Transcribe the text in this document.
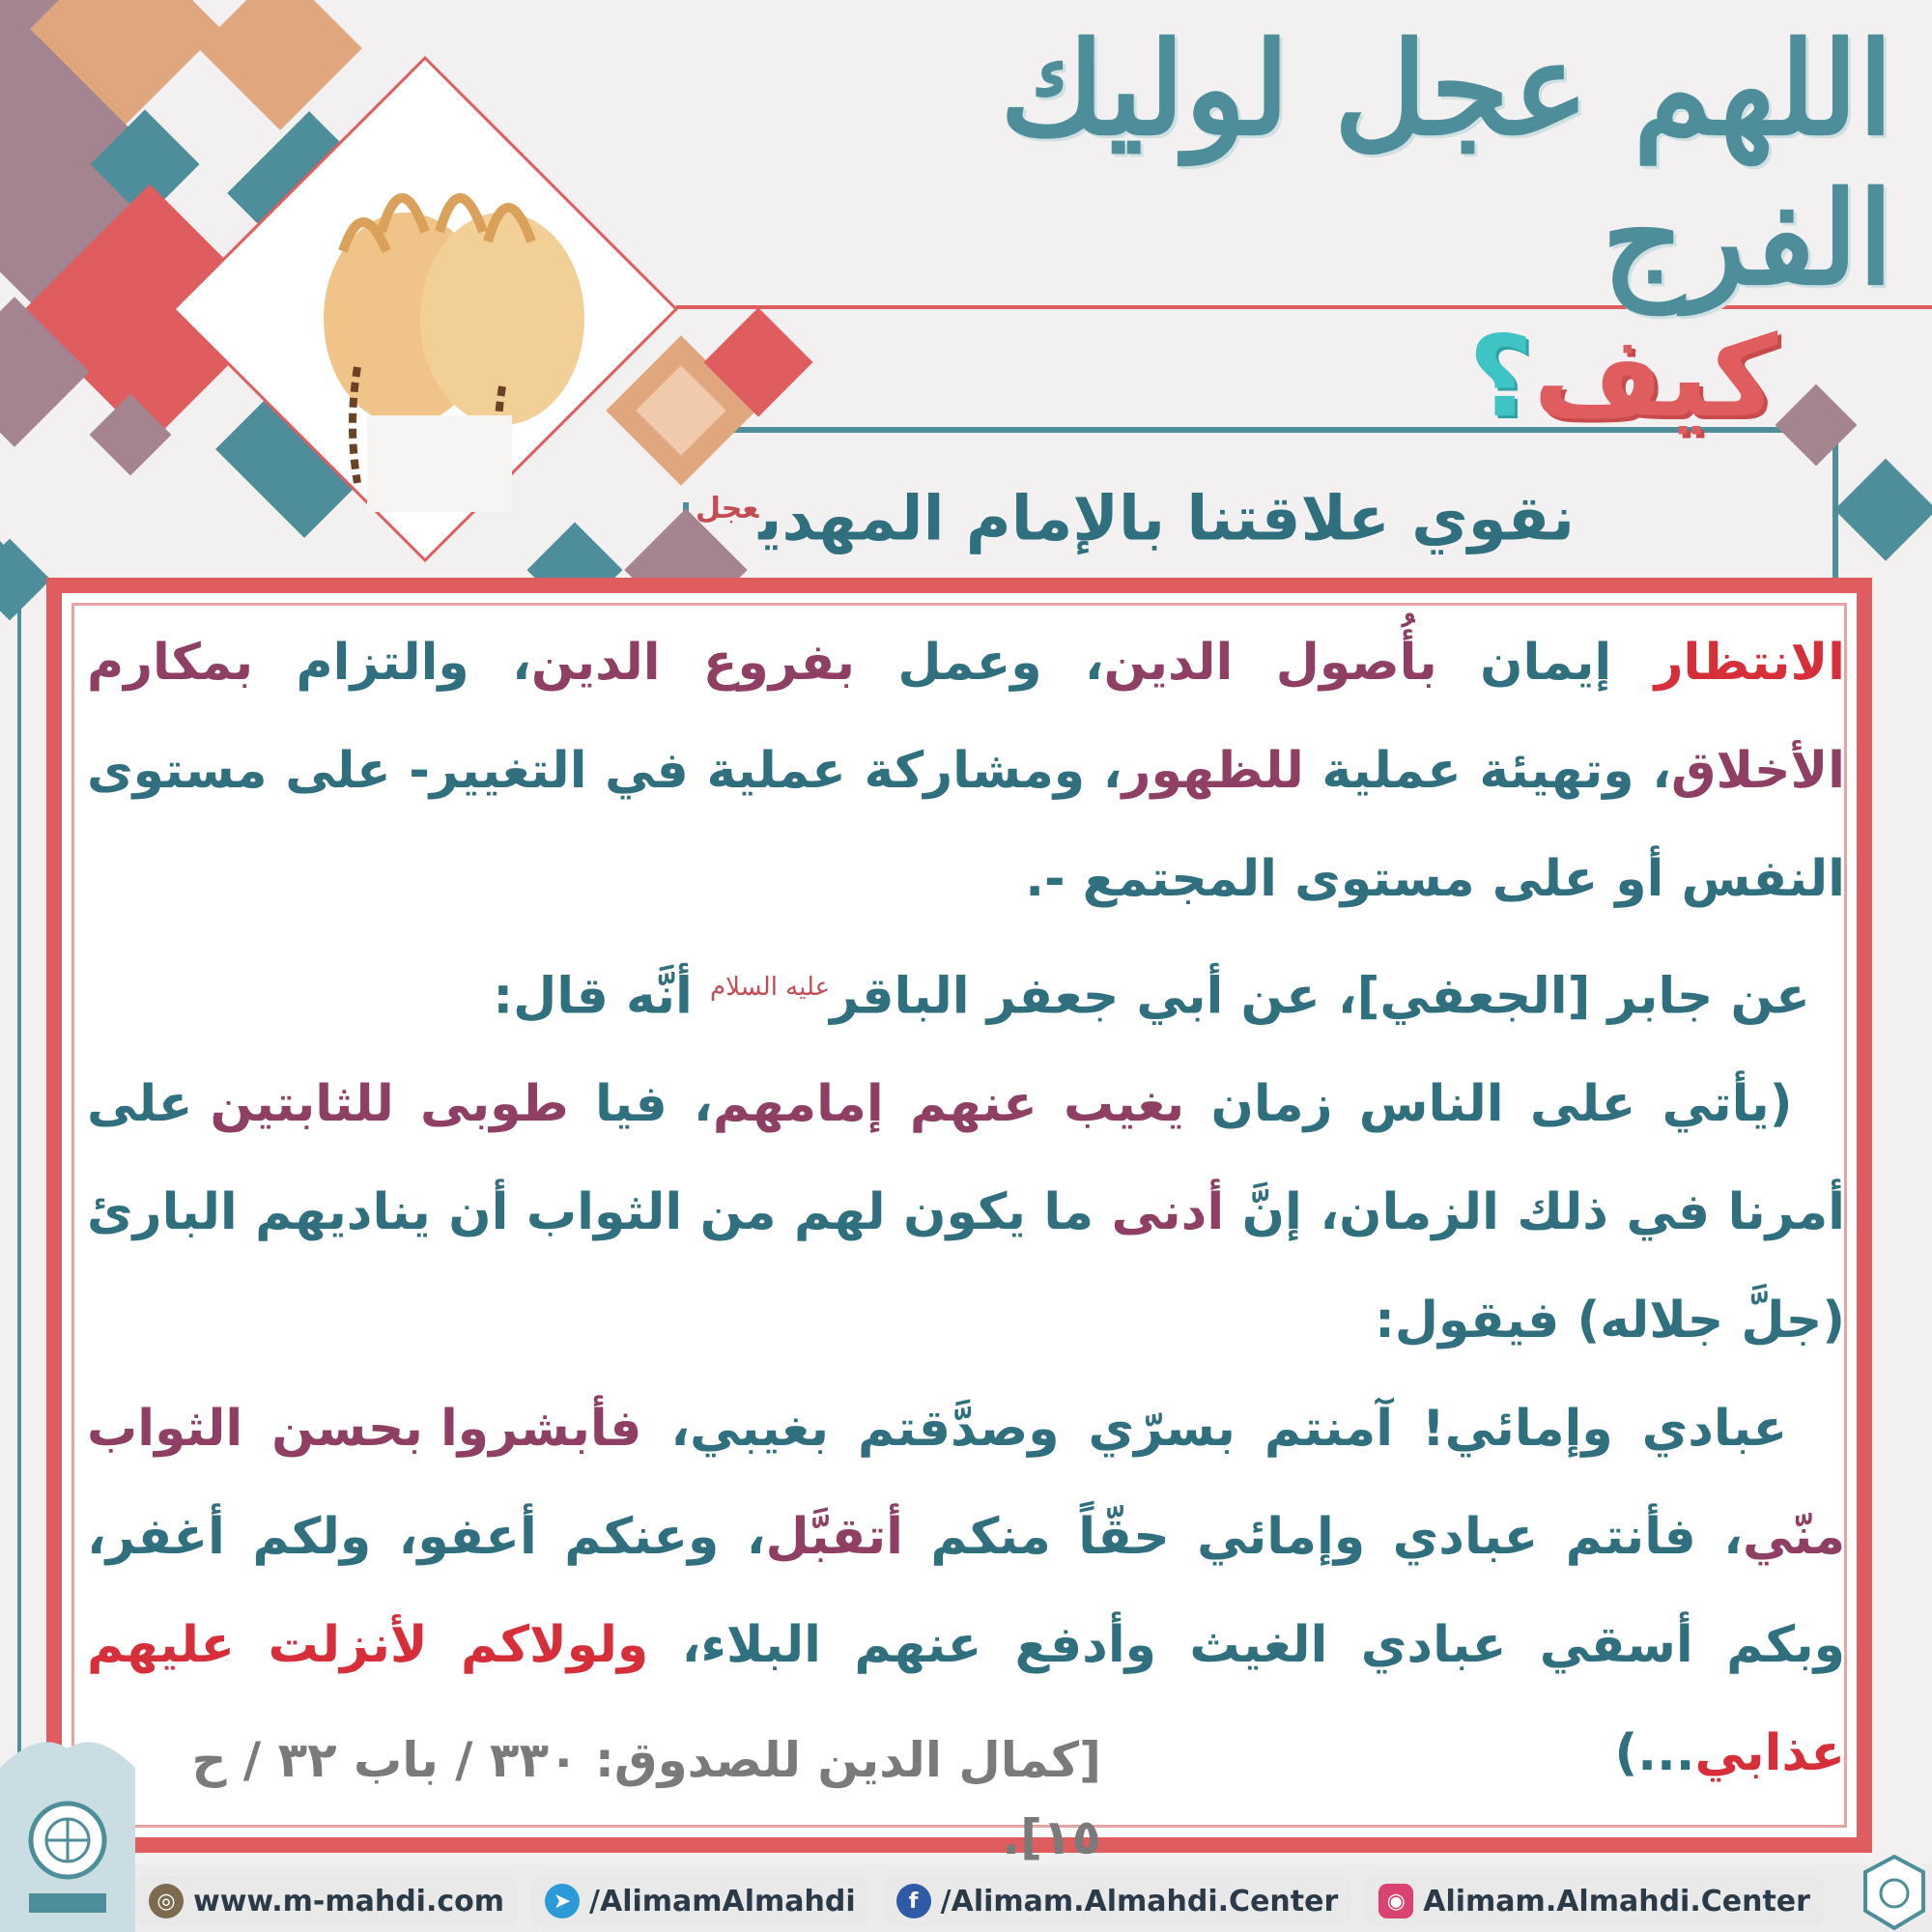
اللهم عجل لوليك الفرج
كيف
؟
نقوي علاقتنا بالإمام المهدي$^{عجل}$

الانتظار إيمان بأُصول الدين، وعمل بفروع الدين، والتزام بمكارم الأخلاق، وتهيئة عملية للظهور، ومشاركة عملية في التغيير- على مستوى النفس أو على مستوى المجتمع -.

عن جابر [الجعفي]، عن أبي جعفر الباقر$^{عليه السلام}$ أنَّه قال:

(يأتي على الناس زمان يغيب عنهم إمامهم، فيا طوبى للثابتين على أمرنا في ذلك الزمان، إنَّ أدنى ما يكون لهم من الثواب أن يناديهم البارئ (جلَّ جلاله) فيقول:

عبادي وإمائي! آمنتم بسرّي وصدَّقتم بغيبي، فأبشروا بحسن الثواب منّي، فأنتم عبادي وإمائي حقّاً منكم أتقبَّل، وعنكم أعفو، ولكم أغفر، وبكم أسقي عبادي الغيث وأدفع عنهم البلاء، ولولاكم لأنزلت عليهم عذابي...)

[كمال الدين للصدوق: ٣٣٠ / باب ٣٢ / ح ١٥].
◎ www.m-mahdi.com	➤ /AlimamAlmahdi	f /Alimam.Almahdi.Center	◉ Alimam.Almahdi.Center
